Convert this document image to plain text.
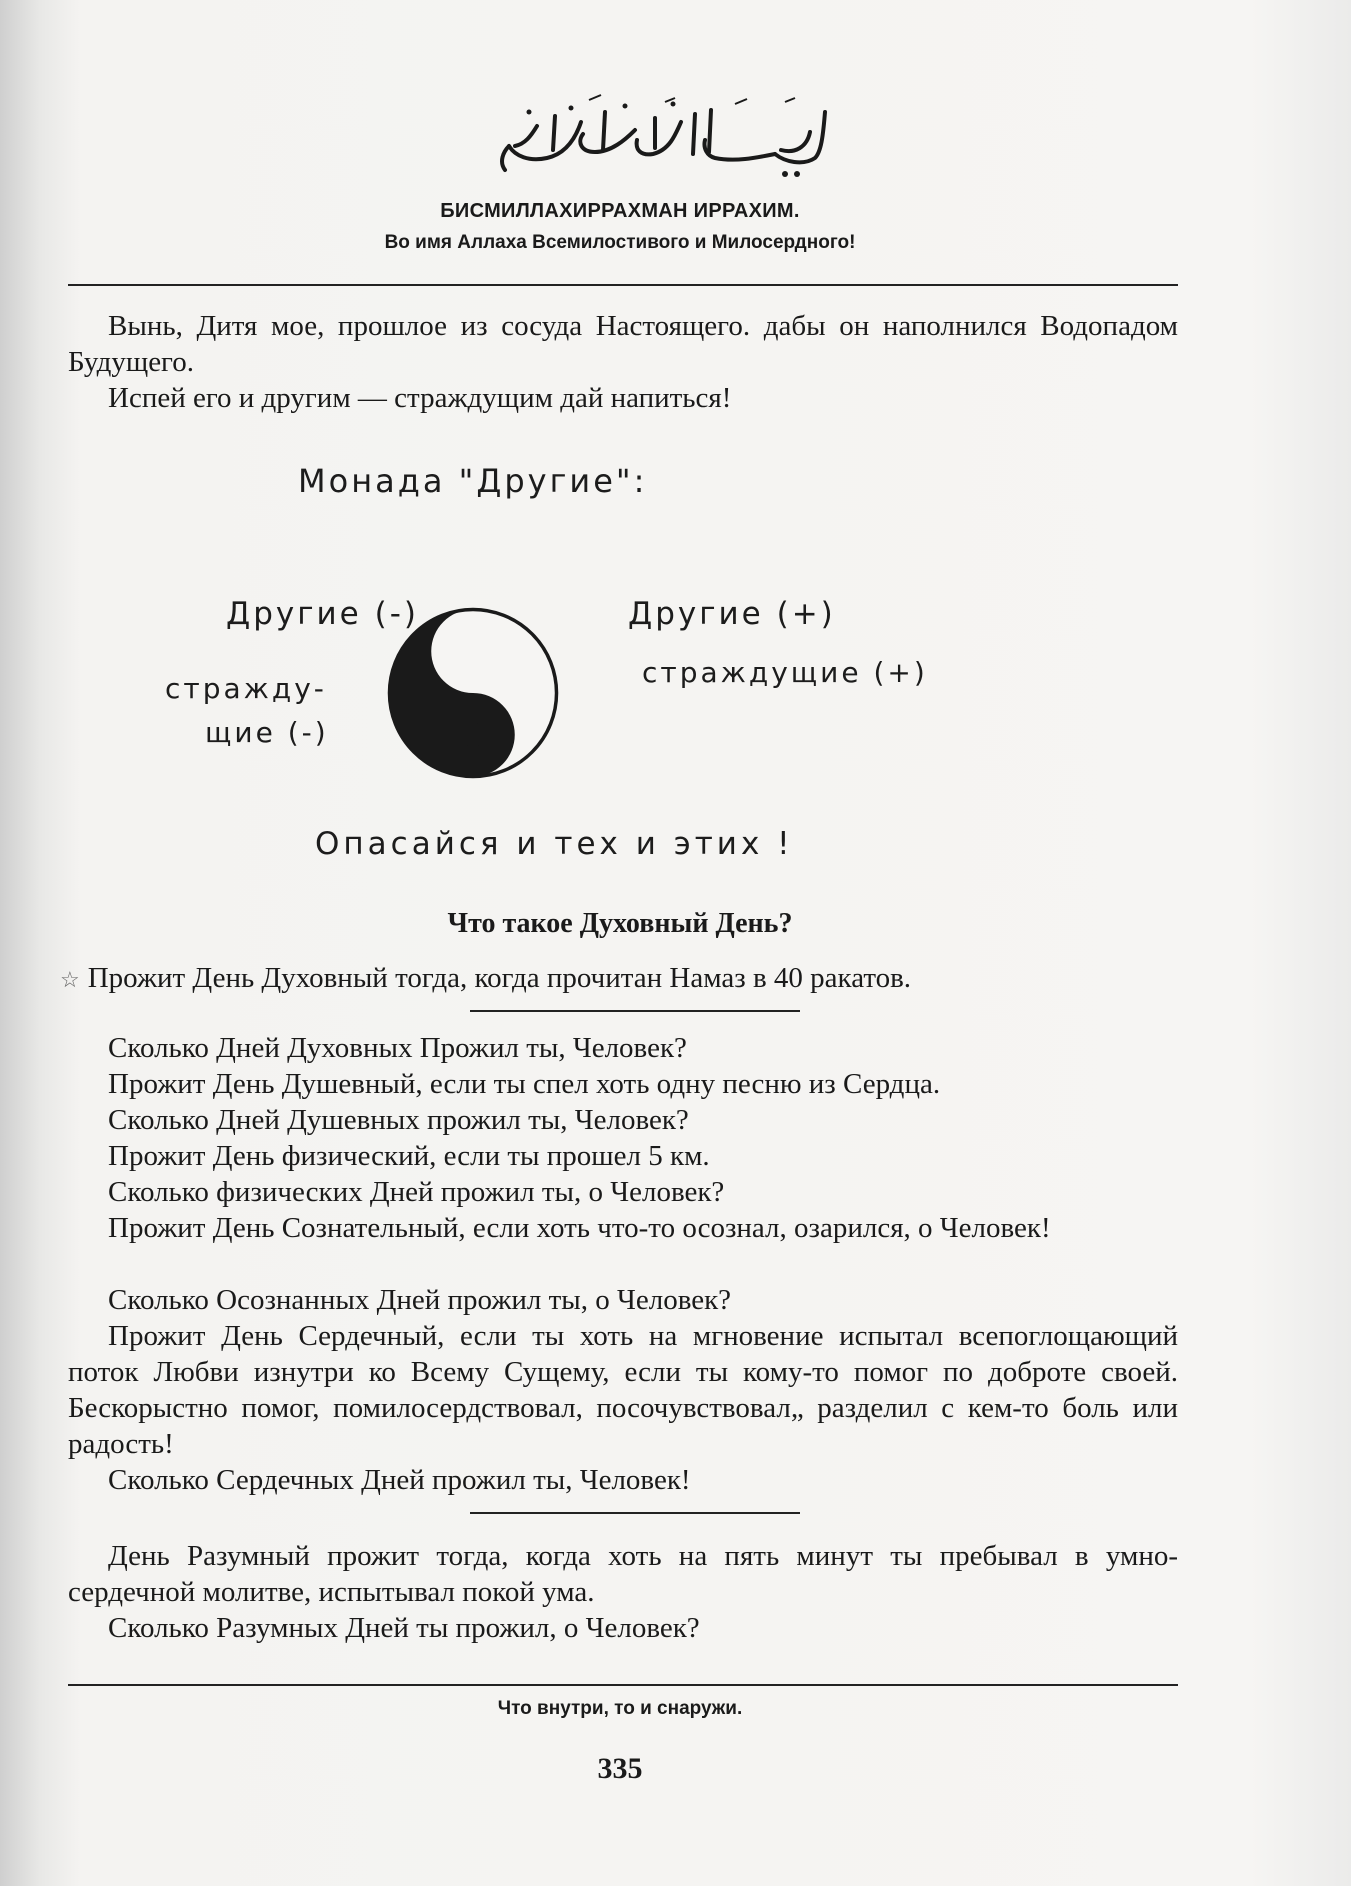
БИСМИЛЛАХИРРАХМАН ИРРАХИМ.
Во имя Аллаха Всемилостивого и Милосердного!
Вынь, Дитя мое, прошлое из сосуда Настоящего. дабы он наполнился Водопадом Будущего.
Испей его и другим — страждущим дай напиться!
Монада "Другие":
Другие (-)
стражду-
щие (-)
Другие (+)
страждущие (+)
Опасайся и тех и этих !
Что такое Духовный День?
☆ Прожит День Духовный тогда, когда прочитан Намаз в 40 ракатов.
Сколько Дней Духовных Прожил ты, Человек?
Прожит День Душевный, если ты спел хоть одну песню из Сердца.
Сколько Дней Душевных прожил ты, Человек?
Прожит День физический, если ты прошел 5 км.
Сколько физических Дней прожил ты, о Человек?
Прожит День Сознательный, если хоть что-то осознал, озарился, о Человек!
Сколько Осознанных Дней прожил ты, о Человек?
Прожит День Сердечный, если ты хоть на мгновение испытал всепоглощающий поток Любви изнутри ко Всему Сущему, если ты кому-то помог по доброте своей. Бескорыстно помог, помилосердствовал, посочувствовал„ разделил с кем-то боль или радость!
Сколько Сердечных Дней прожил ты, Человек!
День Разумный прожит тогда, когда хоть на пять минут ты пребывал в умно-сердечной молитве, испытывал покой ума.
Сколько Разумных Дней ты прожил, о Человек?
Что внутри, то и снаружи.
335
